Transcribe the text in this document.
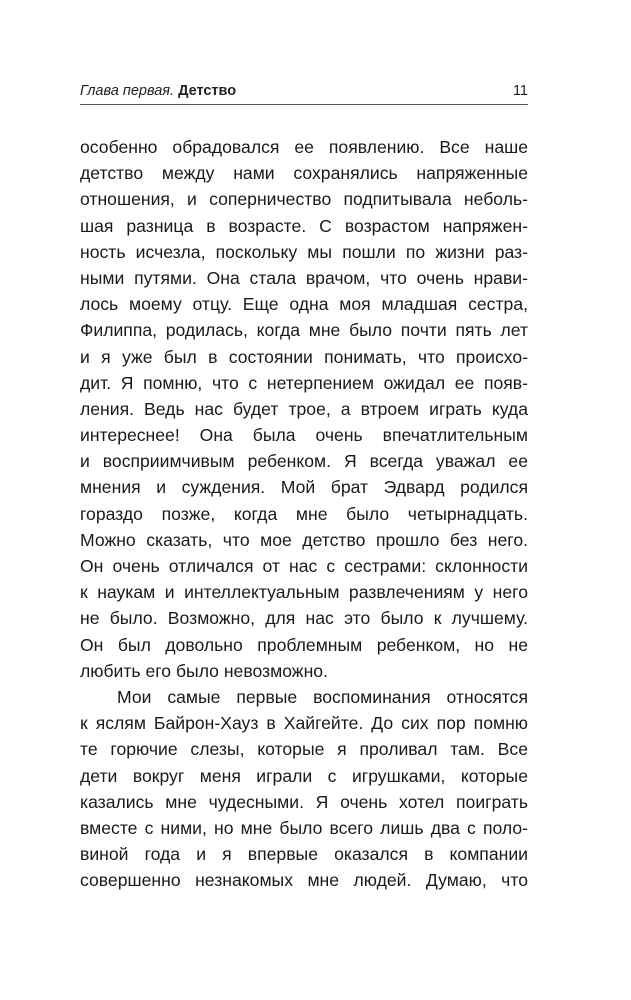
Глава первая. Детство	11
особенно обрадовался ее появлению. Все наше
детство между нами сохранялись напряженные
отношения, и соперничество подпитывала неболь-
шая разница в возрасте. С возрастом напряжен-
ность исчезла, поскольку мы пошли по жизни раз-
ными путями. Она стала врачом, что очень нрави-
лось моему отцу. Еще одна моя младшая сестра,
Филиппа, родилась, когда мне было почти пять лет
и я уже был в состоянии понимать, что происхо-
дит. Я помню, что с нетерпением ожидал ее появ-
ления. Ведь нас будет трое, а втроем играть куда
интереснее! Она была очень впечатлительным
и восприимчивым ребенком. Я всегда уважал ее
мнения и суждения. Мой брат Эдвард родился
гораздо позже, когда мне было четырнадцать.
Можно сказать, что мое детство прошло без него.
Он очень отличался от нас с сестрами: склонности
к наукам и интеллектуальным развлечениям у него
не было. Возможно, для нас это было к лучшему.
Он был довольно проблемным ребенком, но не
любить его было невозможно.
Мои самые первые воспоминания относятся
к яслям Байрон-Хауз в Хайгейте. До сих пор помню
те горючие слезы, которые я проливал там. Все
дети вокруг меня играли с игрушками, которые
казались мне чудесными. Я очень хотел поиграть
вместе с ними, но мне было всего лишь два с поло-
виной года и я впервые оказался в компании
совершенно незнакомых мне людей. Думаю, что
